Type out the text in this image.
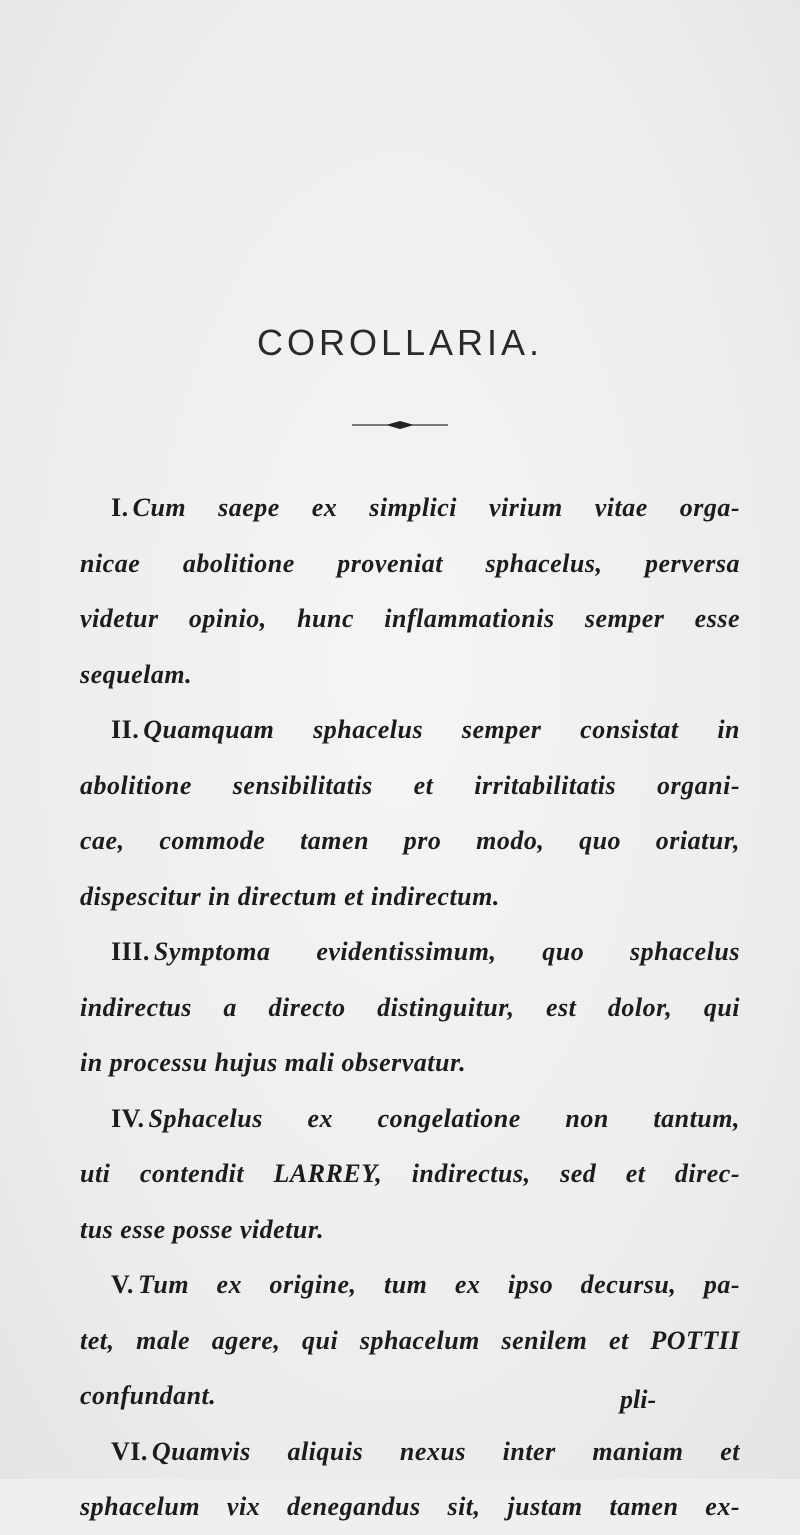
COROLLARIA.
I. Cum saepe ex simplici virium vitae orga-
nicae abolitione proveniat sphacelus, perversa
videtur opinio, hunc inflammationis semper esse
sequelam.
II. Quamquam sphacelus semper consistat in
abolitione sensibilitatis et irritabilitatis organi-
cae, commode tamen pro modo, quo oriatur,
dispescitur in directum et indirectum.
III. Symptoma evidentissimum, quo sphacelus
indirectus a directo distinguitur, est dolor, qui
in processu hujus mali observatur.
IV. Sphacelus ex congelatione non tantum,
uti contendit LARREY, indirectus, sed et direc-
tus esse posse videtur.
V. Tum ex origine, tum ex ipso decursu, pa-
tet, male agere, qui sphacelum senilem et POTTII
confundant.
VI. Quamvis aliquis nexus inter maniam et
sphacelum vix denegandus sit, justam tamen ex-
pli-
